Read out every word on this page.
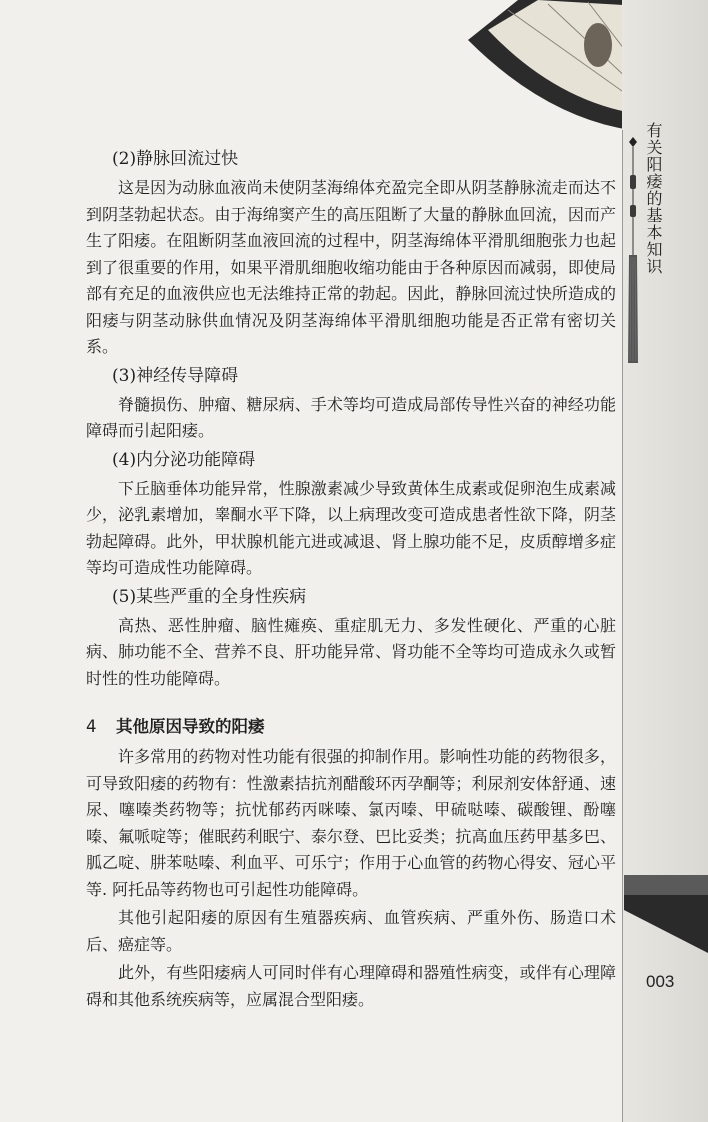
有关阳痿的基本知识
003

(2)静脉回流过快

这是因为动脉血液尚未使阴茎海绵体充盈完全即从阴茎静脉流走而达不到阴茎勃起状态。由于海绵窦产生的高压阻断了大量的静脉血回流，因而产生了阳痿。在阻断阴茎血液回流的过程中，阴茎海绵体平滑肌细胞张力也起到了很重要的作用，如果平滑肌细胞收缩功能由于各种原因而减弱，即使局部有充足的血液供应也无法维持正常的勃起。因此，静脉回流过快所造成的阳痿与阴茎动脉供血情况及阴茎海绵体平滑肌细胞功能是否正常有密切关系。

(3)神经传导障碍

脊髓损伤、肿瘤、糖尿病、手术等均可造成局部传导性兴奋的神经功能障碍而引起阳痿。

(4)内分泌功能障碍

下丘脑垂体功能异常，性腺激素减少导致黄体生成素或促卵泡生成素减少，泌乳素增加，睾酮水平下降，以上病理改变可造成患者性欲下降，阴茎勃起障碍。此外，甲状腺机能亢进或减退、肾上腺功能不足，皮质醇增多症等均可造成性功能障碍。

(5)某些严重的全身性疾病

高热、恶性肿瘤、脑性瘫痪、重症肌无力、多发性硬化、严重的心脏病、肺功能不全、营养不良、肝功能异常、肾功能不全等均可造成永久或暂时性的性功能障碍。

4 其他原因导致的阳痿

许多常用的药物对性功能有很强的抑制作用。影响性功能的药物很多，可导致阳痿的药物有：性激素拮抗剂醋酸环丙孕酮等；利尿剂安体舒通、速尿、噻嗪类药物等；抗忧郁药丙咪嗪、氯丙嗪、甲硫哒嗪、碳酸锂、酚噻嗪、氟哌啶等；催眠药利眠宁、泰尔登、巴比妥类；抗高血压药甲基多巴、胍乙啶、肼苯哒嗪、利血平、可乐宁；作用于心血管的药物心得安、冠心平等. 阿托品等药物也可引起性功能障碍。

其他引起阳痿的原因有生殖器疾病、血管疾病、严重外伤、肠造口术后、癌症等。

此外，有些阳痿病人可同时伴有心理障碍和器殖性病变，或伴有心理障碍和其他系统疾病等，应属混合型阳痿。
